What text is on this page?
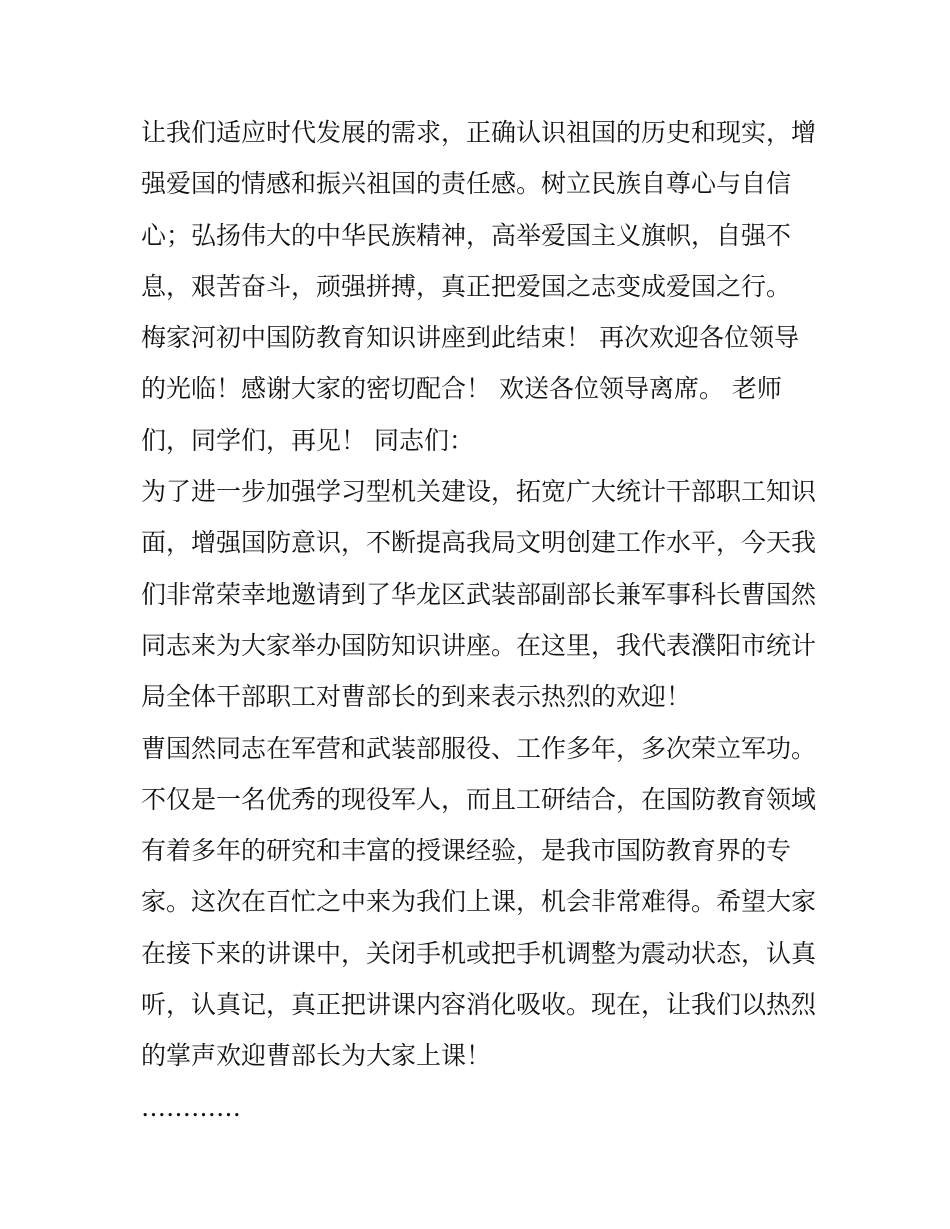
让我们适应时代发展的需求，正确认识祖国的历史和现实，增
强爱国的情感和振兴祖国的责任感。树立民族自尊心与自信
心；弘扬伟大的中华民族精神，高举爱国主义旗帜，自强不
息，艰苦奋斗，顽强拼搏，真正把爱国之志变成爱国之行。
梅家河初中国防教育知识讲座到此结束！ 再次欢迎各位领导
的光临！感谢大家的密切配合！ 欢送各位领导离席。 老师
们，同学们，再见！ 同志们：
为了进一步加强学习型机关建设，拓宽广大统计干部职工知识
面，增强国防意识，不断提高我局文明创建工作水平，今天我
们非常荣幸地邀请到了华龙区武装部副部长兼军事科长曹国然
同志来为大家举办国防知识讲座。在这里，我代表濮阳市统计
局全体干部职工对曹部长的到来表示热烈的欢迎！
曹国然同志在军营和武装部服役、工作多年，多次荣立军功。
不仅是一名优秀的现役军人，而且工研结合，在国防教育领域
有着多年的研究和丰富的授课经验，是我市国防教育界的专
家。这次在百忙之中来为我们上课，机会非常难得。希望大家
在接下来的讲课中，关闭手机或把手机调整为震动状态，认真
听，认真记，真正把讲课内容消化吸收。现在，让我们以热烈
的掌声欢迎曹部长为大家上课！
…………
